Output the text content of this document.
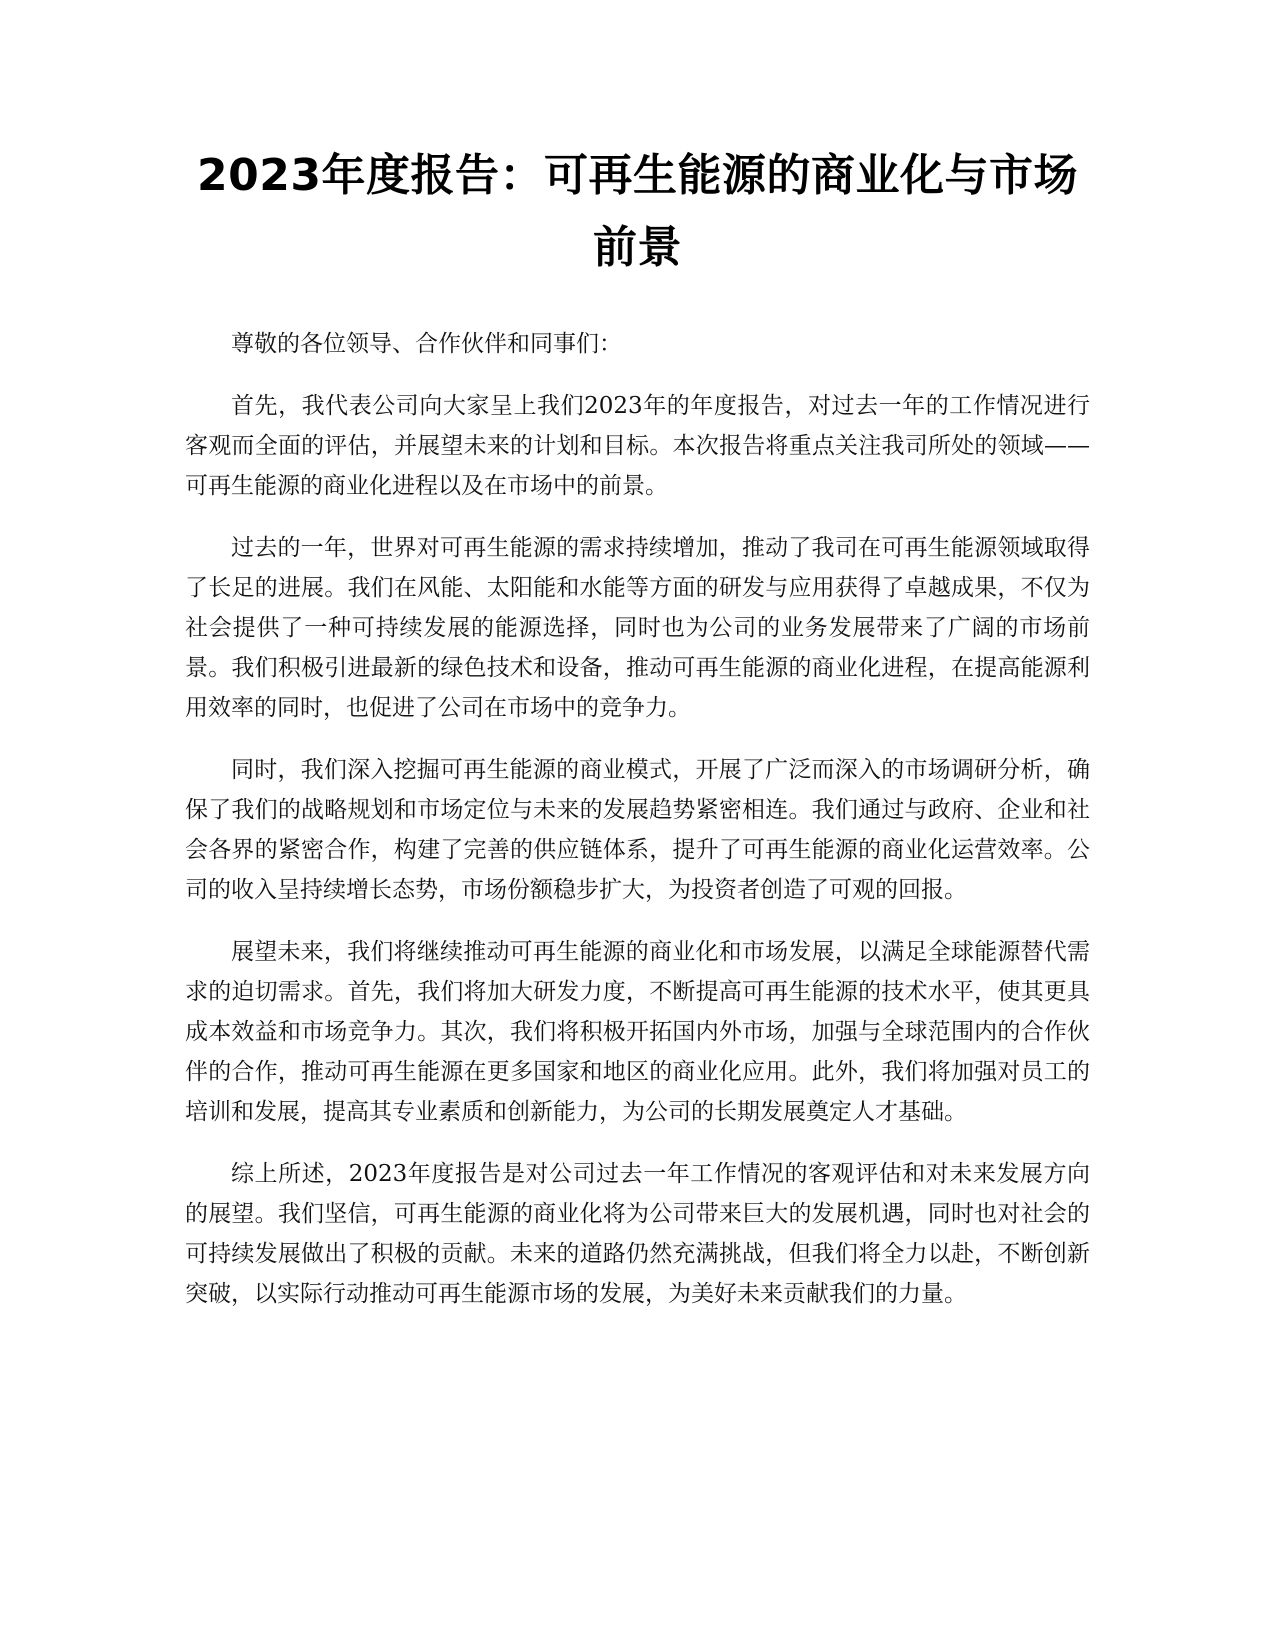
2023年度报告：可再生能源的商业化与市场前景

尊敬的各位领导、合作伙伴和同事们：

首先，我代表公司向大家呈上我们2023年的年度报告，对过去一年的工作情况进行客观而全面的评估，并展望未来的计划和目标。本次报告将重点关注我司所处的领域——可再生能源的商业化进程以及在市场中的前景。

过去的一年，世界对可再生能源的需求持续增加，推动了我司在可再生能源领域取得了长足的进展。我们在风能、太阳能和水能等方面的研发与应用获得了卓越成果，不仅为社会提供了一种可持续发展的能源选择，同时也为公司的业务发展带来了广阔的市场前景。我们积极引进最新的绿色技术和设备，推动可再生能源的商业化进程，在提高能源利用效率的同时，也促进了公司在市场中的竞争力。

同时，我们深入挖掘可再生能源的商业模式，开展了广泛而深入的市场调研分析，确保了我们的战略规划和市场定位与未来的发展趋势紧密相连。我们通过与政府、企业和社会各界的紧密合作，构建了完善的供应链体系，提升了可再生能源的商业化运营效率。公司的收入呈持续增长态势，市场份额稳步扩大，为投资者创造了可观的回报。

展望未来，我们将继续推动可再生能源的商业化和市场发展，以满足全球能源替代需求的迫切需求。首先，我们将加大研发力度，不断提高可再生能源的技术水平，使其更具成本效益和市场竞争力。其次，我们将积极开拓国内外市场，加强与全球范围内的合作伙伴的合作，推动可再生能源在更多国家和地区的商业化应用。此外，我们将加强对员工的培训和发展，提高其专业素质和创新能力，为公司的长期发展奠定人才基础。

综上所述，2023年度报告是对公司过去一年工作情况的客观评估和对未来发展方向的展望。我们坚信，可再生能源的商业化将为公司带来巨大的发展机遇，同时也对社会的可持续发展做出了积极的贡献。未来的道路仍然充满挑战，但我们将全力以赴，不断创新突破，以实际行动推动可再生能源市场的发展，为美好未来贡献我们的力量。
